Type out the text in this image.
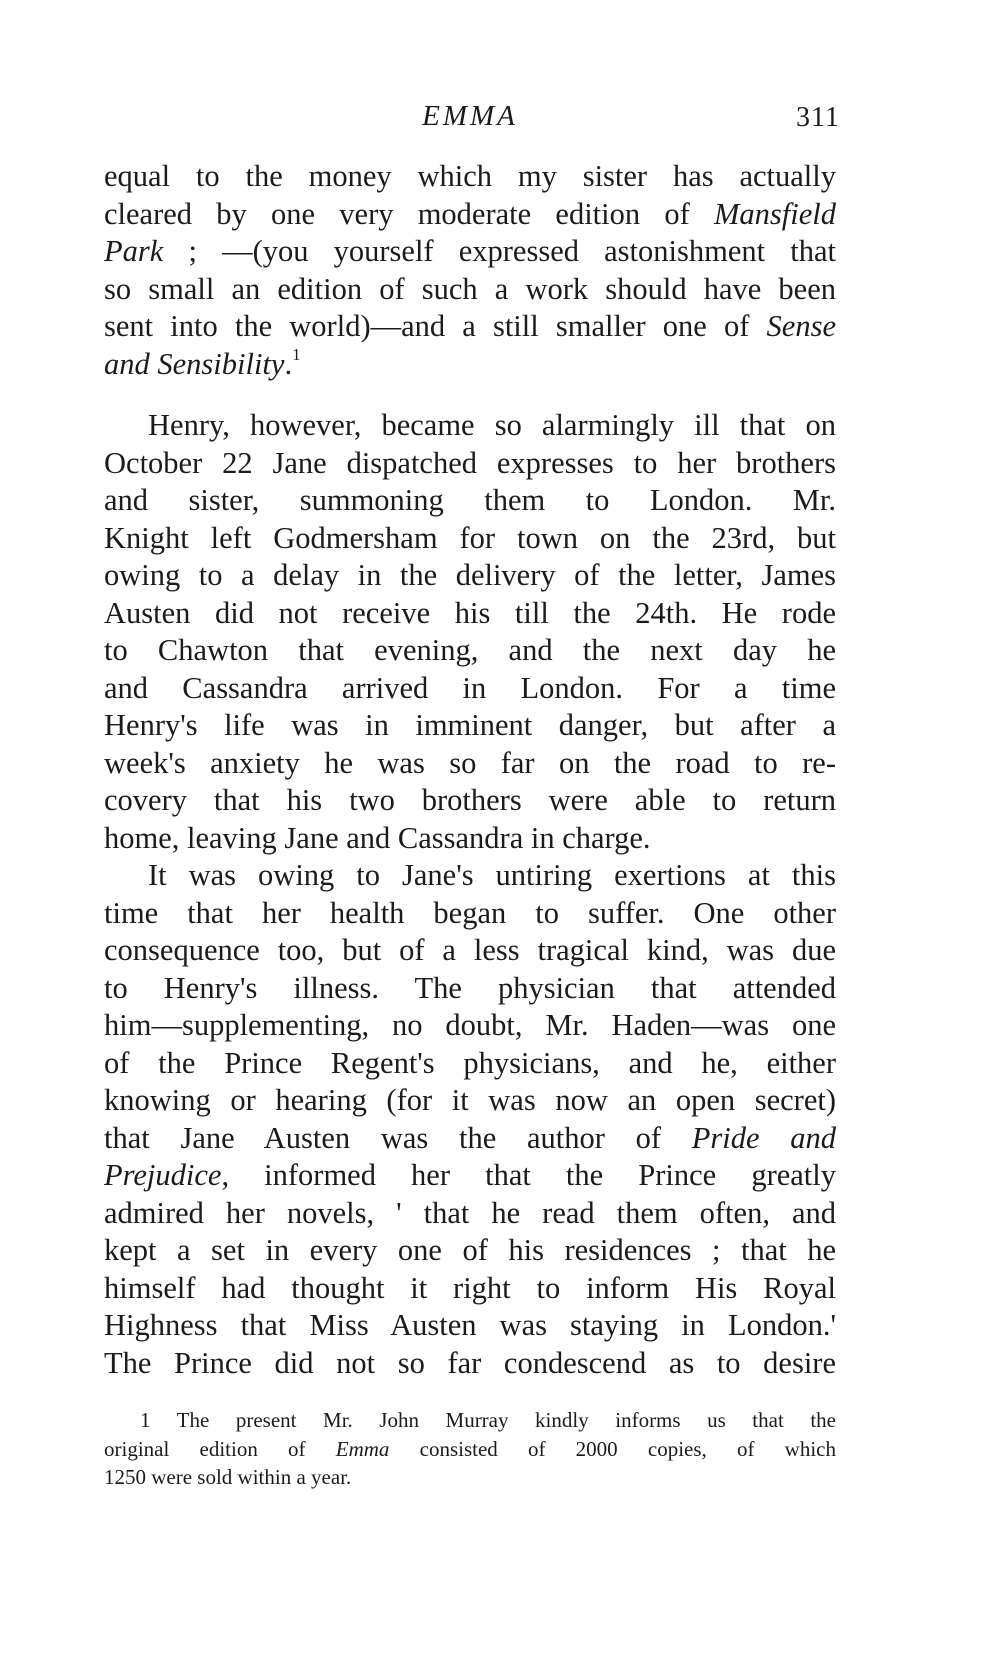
EMMA	311
equal to the money which my sister has actually
cleared by one very moderate edition of Mansfield
Park ; —(you yourself expressed astonishment that
so small an edition of such a work should have been
sent into the world)—and a still smaller one of Sense
and Sensibility.$^1$
Henry, however, became so alarmingly ill that on
October 22 Jane dispatched expresses to her brothers
and sister, summoning them to London. Mr.
Knight left Godmersham for town on the 23rd, but
owing to a delay in the delivery of the letter, James
Austen did not receive his till the 24th. He rode
to Chawton that evening, and the next day he
and Cassandra arrived in London. For a time
Henry's life was in imminent danger, but after a
week's anxiety he was so far on the road to re-
covery that his two brothers were able to return
home, leaving Jane and Cassandra in charge.
It was owing to Jane's untiring exertions at this
time that her health began to suffer. One other
consequence too, but of a less tragical kind, was due
to Henry's illness. The physician that attended
him—supplementing, no doubt, Mr. Haden—was one
of the Prince Regent's physicians, and he, either
knowing or hearing (for it was now an open secret)
that Jane Austen was the author of Pride and
Prejudice, informed her that the Prince greatly
admired her novels, ' that he read them often, and
kept a set in every one of his residences ; that he
himself had thought it right to inform His Royal
Highness that Miss Austen was staying in London.'
The Prince did not so far condescend as to desire
1 The present Mr. John Murray kindly informs us that the
original edition of Emma consisted of 2000 copies, of which
1250 were sold within a year.
